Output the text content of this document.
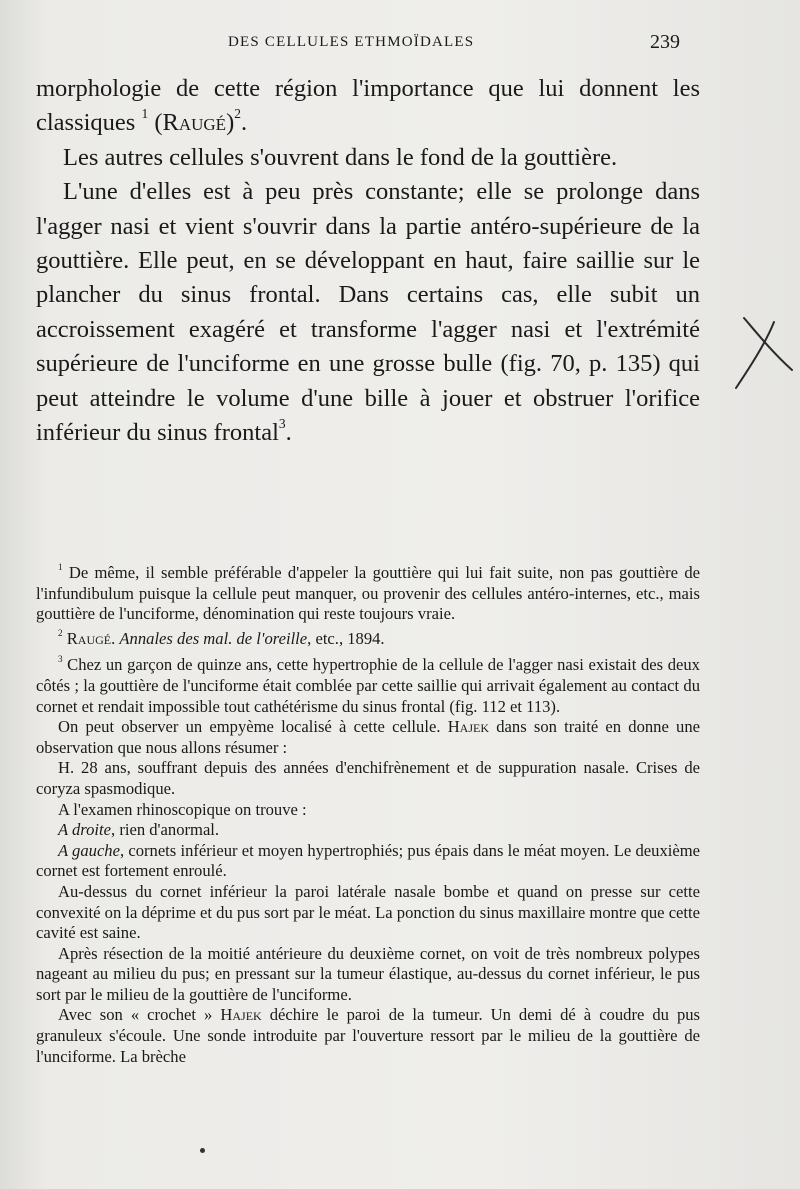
DES CELLULES ETHMOÏDALES	239

morphologie de cette région l'importance que lui donnent les classiques $^1$ (Raugé)$^2$.

Les autres cellules s'ouvrent dans le fond de la gouttière.

L'une d'elles est à peu près constante; elle se prolonge dans l'agger nasi et vient s'ouvrir dans la partie antéro-supérieure de la gouttière. Elle peut, en se développant en haut, faire saillie sur le plancher du sinus frontal. Dans certains cas, elle subit un accroissement exagéré et transforme l'agger nasi et l'extrémité supérieure de l'unciforme en une grosse bulle (fig. 70, p. 135) qui peut atteindre le volume d'une bille à jouer et obstruer l'orifice inférieur du sinus frontal$^3$.

$^1$ De même, il semble préférable d'appeler la gouttière qui lui fait suite, non pas gouttière de l'infundibulum puisque la cellule peut manquer, ou provenir des cellules antéro-internes, etc., mais gouttière de l'unciforme, dénomination qui reste toujours vraie.

$^2$ Raugé. Annales des mal. de l'oreille, etc., 1894.

$^3$ Chez un garçon de quinze ans, cette hypertrophie de la cellule de l'agger nasi existait des deux côtés ; la gouttière de l'unciforme était comblée par cette saillie qui arrivait également au contact du cornet et rendait impossible tout cathétérisme du sinus frontal (fig. 112 et 113).

On peut observer un empyème localisé à cette cellule. Hajek dans son traité en donne une observation que nous allons résumer :

H. 28 ans, souffrant depuis des années d'enchifrènement et de suppuration nasale. Crises de coryza spasmodique.

A l'examen rhinoscopique on trouve :

A droite, rien d'anormal.

A gauche, cornets inférieur et moyen hypertrophiés; pus épais dans le méat moyen. Le deuxième cornet est fortement enroulé.

Au-dessus du cornet inférieur la paroi latérale nasale bombe et quand on presse sur cette convexité on la déprime et du pus sort par le méat. La ponction du sinus maxillaire montre que cette cavité est saine.

Après résection de la moitié antérieure du deuxième cornet, on voit de très nombreux polypes nageant au milieu du pus; en pressant sur la tumeur élastique, au-dessus du cornet inférieur, le pus sort par le milieu de la gouttière de l'unciforme.

Avec son « crochet » Hajek déchire le paroi de la tumeur. Un demi dé à coudre du pus granuleux s'écoule. Une sonde introduite par l'ouverture ressort par le milieu de la gouttière de l'unciforme. La brèche
